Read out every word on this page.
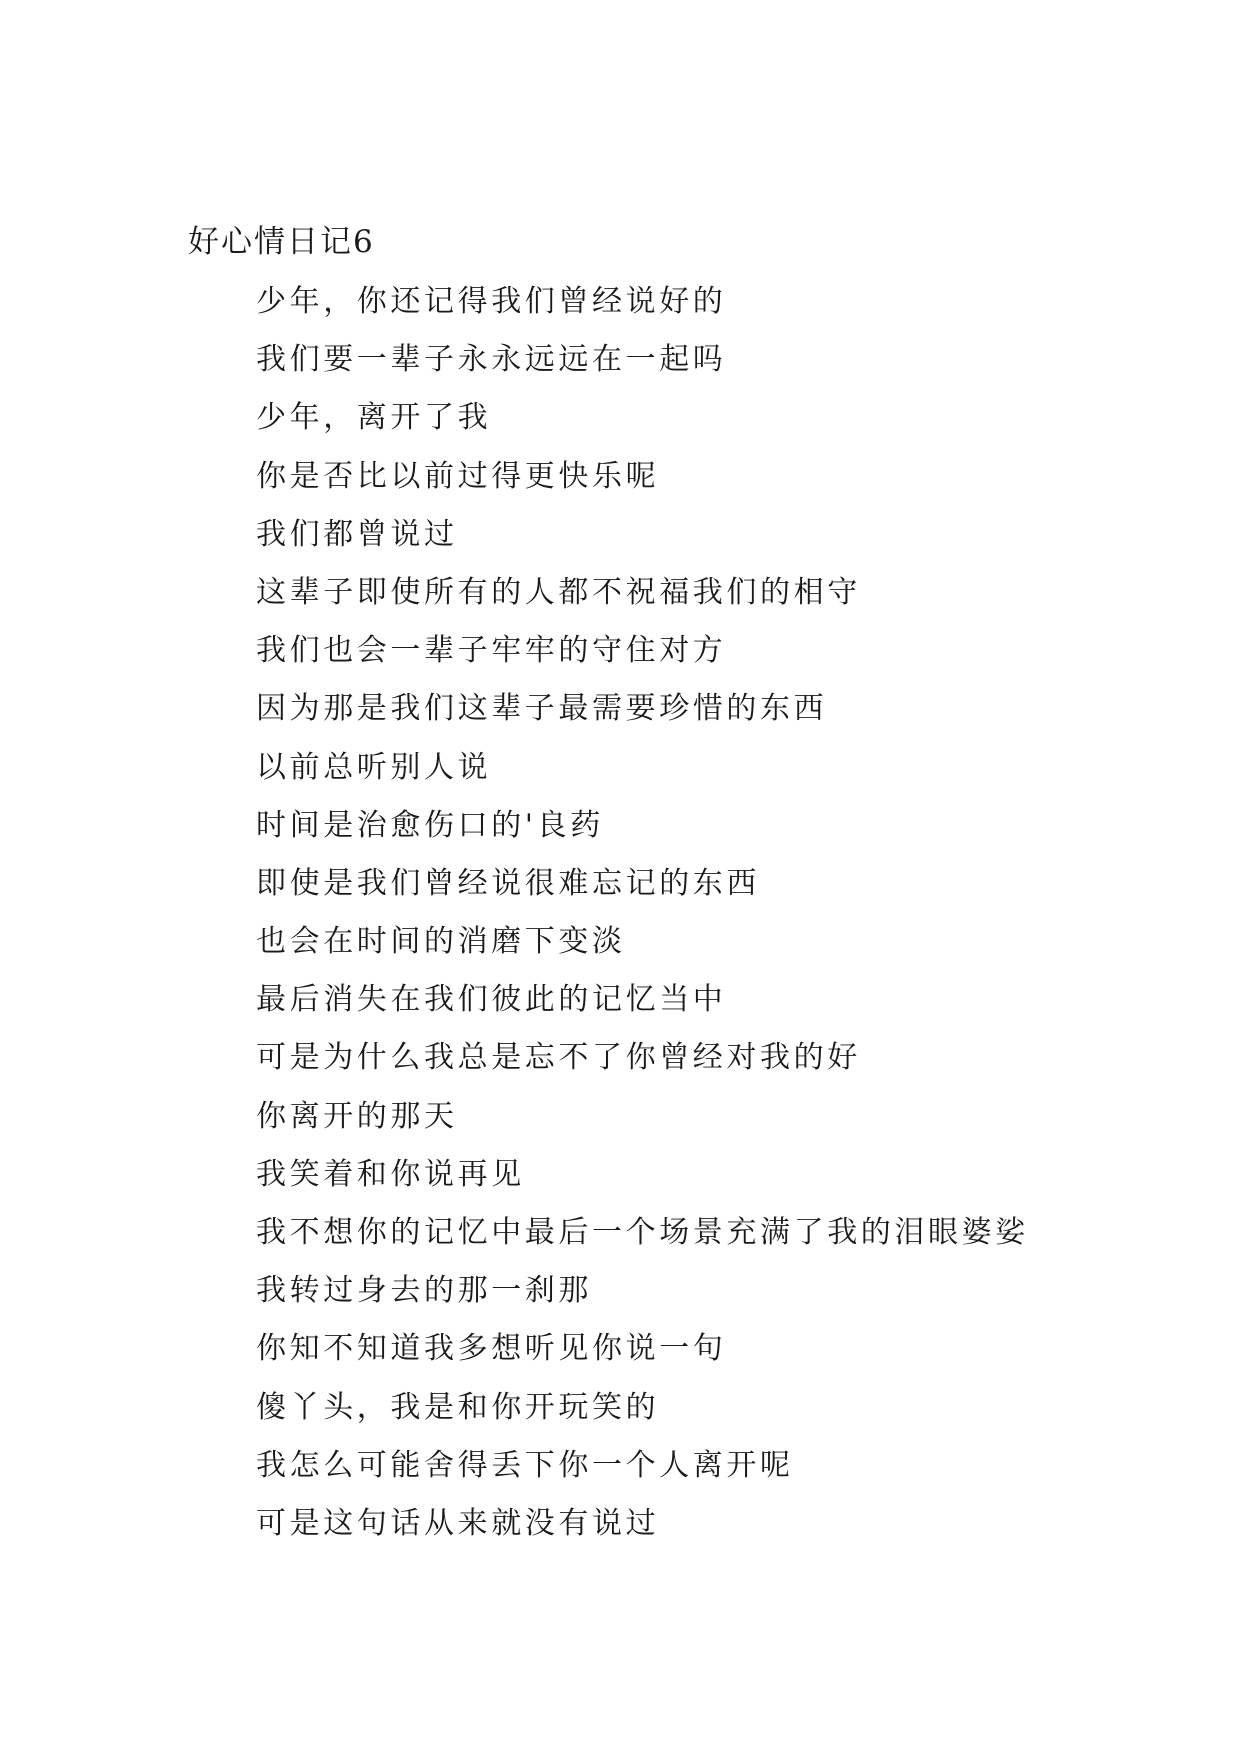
好心情日记6
少年，你还记得我们曾经说好的
我们要一辈子永永远远在一起吗
少年，离开了我
你是否比以前过得更快乐呢
我们都曾说过
这辈子即使所有的人都不祝福我们的相守
我们也会一辈子牢牢的守住对方
因为那是我们这辈子最需要珍惜的东西
以前总听别人说
时间是治愈伤口的'良药
即使是我们曾经说很难忘记的东西
也会在时间的消磨下变淡
最后消失在我们彼此的记忆当中
可是为什么我总是忘不了你曾经对我的好
你离开的那天
我笑着和你说再见
我不想你的记忆中最后一个场景充满了我的泪眼婆娑
我转过身去的那一刹那
你知不知道我多想听见你说一句
傻丫头，我是和你开玩笑的
我怎么可能舍得丢下你一个人离开呢
可是这句话从来就没有说过
